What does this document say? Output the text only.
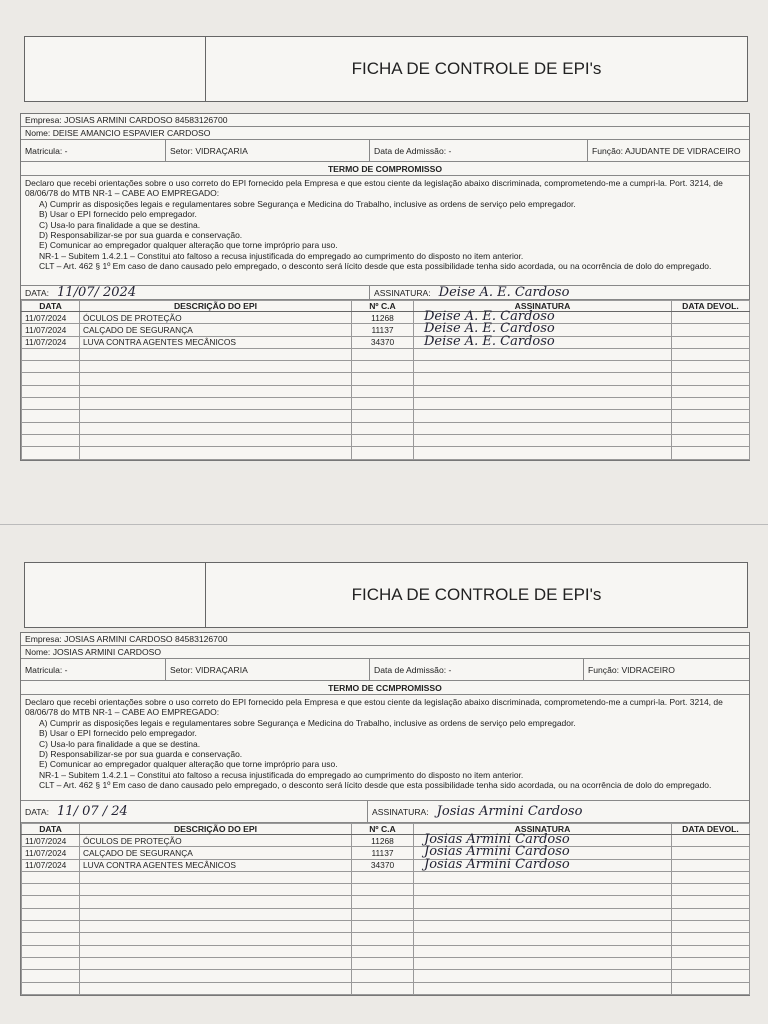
FICHA DE CONTROLE DE EPI's
Empresa: JOSIAS ARMINI CARDOSO 84583126700
Nome: DEISE AMANCIO ESPAVIER CARDOSO
Matricula: -	Setor: VIDRAÇARIA	Data de Admissão: -	Função: AJUDANTE DE VIDRACEIRO
TERMO DE COMPROMISSO
Declaro que recebi orientações sobre o uso correto do EPI fornecido pela Empresa e que estou ciente da legislação abaixo discriminada, comprometendo-me a cumpri-la. Port. 3214, de 08/06/78 do MTB NR-1 – CABE AO EMPREGADO:
A) Cumprir as disposições legais e regulamentares sobre Segurança e Medicina do Trabalho, inclusive as ordens de serviço pelo empregador.
B) Usar o EPI fornecido pelo empregador.
C) Usa-lo para finalidade a que se destina.
D) Responsabilizar-se por sua guarda e conservação.
E) Comunicar ao empregador qualquer alteração que torne impróprio para uso.
NR-1 – Subitem 1.4.2.1 – Constitui ato faltoso a recusa injustificada do empregado ao cumprimento do disposto no item anterior.
CLT – Art. 462 § 1º Em caso de dano causado pelo empregado, o desconto será lícito desde que esta possibilidade tenha sido acordada, ou na ocorrência de dolo do empregado.
DATA: 11/07/ 2024	ASSINATURA: Deise A. E. Cardoso
DATA	DESCRIÇÃO DO EPI	Nº C.A	ASSINATURA	DATA DEVOL.
11/07/2024	ÓCULOS DE PROTEÇÃO	11268	Deise A. E. Cardoso	

11/07/2024	CALÇADO DE SEGURANÇA	11137	Deise A. E. Cardoso	

11/07/2024	LUVA CONTRA AGENTES MECÂNICOS	34370	Deise A. E. Cardoso	

FICHA DE CONTROLE DE EPI's
Empresa: JOSIAS ARMINI CARDOSO 84583126700
Nome: JOSIAS ARMINI CARDOSO
Matricula: -	Setor: VIDRAÇARIA	Data de Admissão: -	Função: VIDRACEIRO
TERMO DE CCMPROMISSO
Declaro que recebi orientações sobre o uso correto do EPI fornecido pela Empresa e que estou ciente da legislação abaixo discriminada, comprometendo-me a cumpri-la. Port. 3214, de 08/06/78 do MTB NR-1 – CABE AO EMPREGADO:
A) Cumprir as disposições legais e regulamentares sobre Segurança e Medicina do Trabalho, inclusive as ordens de serviço pelo empregador.
B) Usar o EPI fornecido pelo empregador.
C) Usa-lo para finalidade a que se destina.
D) Responsabilizar-se por sua guarda e conservação.
E) Comunicar ao empregador qualquer alteração que torne impróprio para uso.
NR-1 – Subitem 1.4.2.1 – Constitui ato faltoso a recusa injustificada do empregado ao cumprimento do disposto no item anterior.
CLT – Art. 462 § 1º Em caso de dano causado pelo empregado, o desconto será lícito desde que esta possibilidade tenha sido acordada, ou na ocorrência de dolo do empregado.
DATA: 11/ 07 / 24	ASSINATURA: Josias Armini Cardoso
DATA	DESCRIÇÃO DO EPI	Nº C.A	ASSINATURA	DATA DEVOL.
11/07/2024	ÓCULOS DE PROTEÇÃO	11268	Josias Armini Cardoso	

11/07/2024	CALÇADO DE SEGURANÇA	11137	Josias Armini Cardoso	

11/07/2024	LUVA CONTRA AGENTES MECÂNICOS	34370	Josias Armini Cardoso	
